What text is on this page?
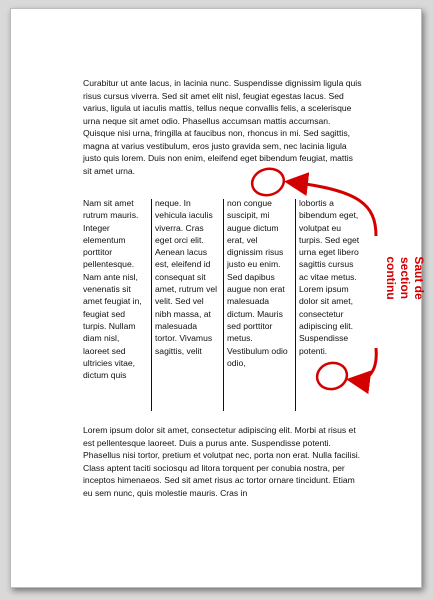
Curabitur ut ante lacus, in lacinia nunc. Suspendisse dignissim ligula quis risus cursus viverra. Sed sit amet elit nisl, feugiat egestas lacus. Sed varius, ligula ut iaculis mattis, tellus neque convallis felis, a scelerisque urna neque sit amet odio. Phasellus accumsan mattis accumsan. Quisque nisi urna, fringilla at faucibus non, rhoncus in mi. Sed sagittis, magna at varius vestibulum, eros justo gravida sem, nec lacinia ligula justo quis lorem. Duis non enim, eleifend eget bibendum feugiat, mattis sit amet urna.

Nam sit amet rutrum mauris. Integer elementum porttitor pellentesque. Nam ante nisl, venenatis sit amet feugiat in, feugiat sed turpis. Nullam diam nisl, laoreet sed ultricies vitae, dictum quis

neque. In vehicula iaculis viverra. Cras eget orci elit. Aenean lacus est, eleifend id consequat sit amet, rutrum vel velit. Sed vel nibh massa, at malesuada tortor. Vivamus sagittis, velit

non congue suscipit, mi augue dictum erat, vel dignissim risus justo eu enim. Sed dapibus augue non erat malesuada dictum. Mauris sed porttitor metus. Vestibulum odio odio,

lobortis a bibendum eget, volutpat eu turpis. Sed eget urna eget libero sagittis cursus ac vitae metus. Lorem ipsum dolor sit amet, consectetur adipiscing elit. Suspendisse potenti.

Lorem ipsum dolor sit amet, consectetur adipiscing elit. Morbi at risus et est pellentesque laoreet. Duis a purus ante. Suspendisse potenti. Phasellus nisi tortor, pretium et volutpat nec, porta non erat. Nulla facilisi. Class aptent taciti sociosqu ad litora torquent per conubia nostra, per inceptos himenaeos. Sed sit amet risus ac tortor ornare tincidunt. Etiam eu sem nunc, quis molestie mauris. Cras in

Saut de section
continu
